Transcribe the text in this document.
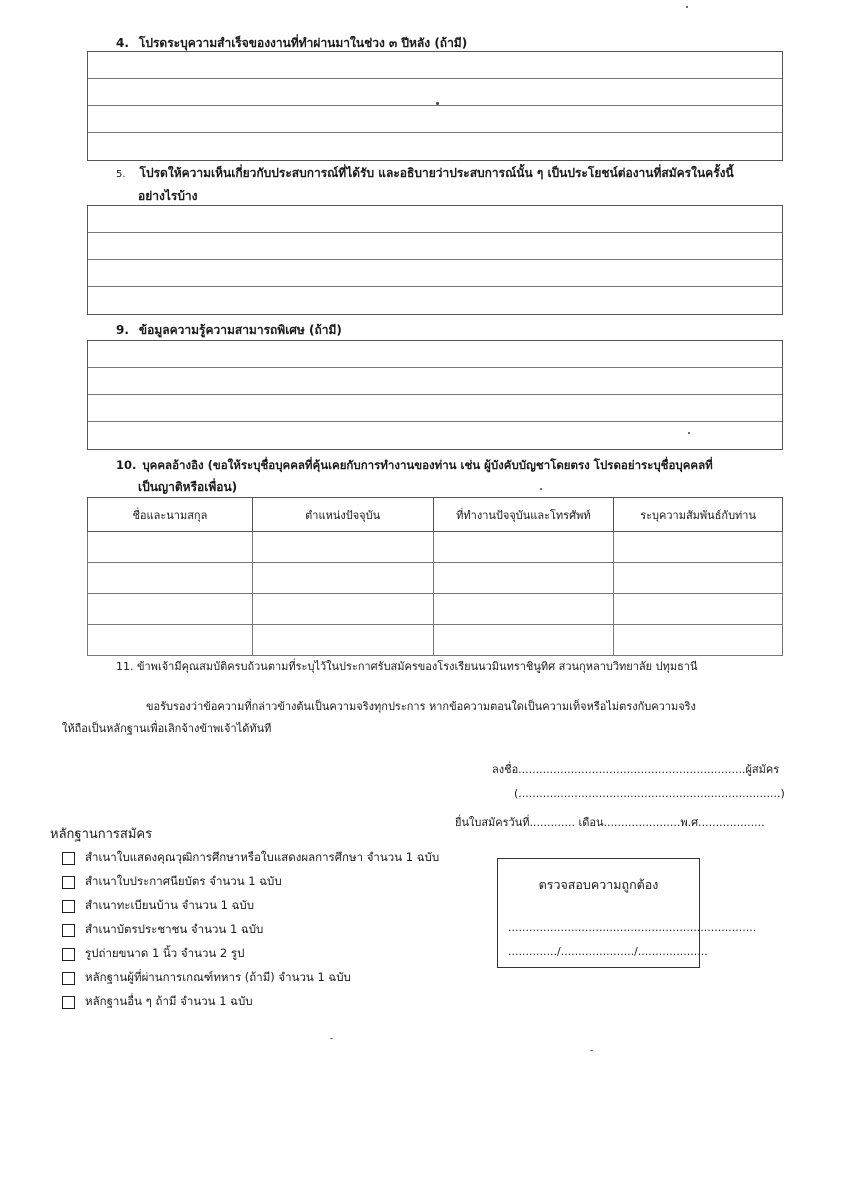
4. โปรดระบุความสำเร็จของงานที่ทำผ่านมาในช่วง ๓ ปีหลัง (ถ้ามี)
5. โปรดให้ความเห็นเกี่ยวกับประสบการณ์ที่ได้รับ และอธิบายว่าประสบการณ์นั้น ๆ เป็นประโยชน์ต่องานที่สมัครในครั้งนี้
อย่างไรบ้าง
9. ข้อมูลความรู้ความสามารถพิเศษ (ถ้ามี)
10. บุคคลอ้างอิง (ขอให้ระบุชื่อบุคคลที่คุ้นเคยกับการทำงานของท่าน เช่น ผู้บังคับบัญชาโดยตรง โปรดอย่าระบุชื่อบุคคลที่
เป็นญาติหรือเพื่อน)
ชื่อและนามสกุล	ตำแหน่งปัจจุบัน	ที่ทำงานปัจจุบันและโทรศัพท์	ระบุความสัมพันธ์กับท่าน

11. ข้าพเจ้ามีคุณสมบัติครบถ้วนตามที่ระบุไว้ในประกาศรับสมัครของโรงเรียนนวมินทราชินูทิศ สวนกุหลาบวิทยาลัย ปทุมธานี
ขอรับรองว่าข้อความที่กล่าวข้างต้นเป็นความจริงทุกประการ หากข้อความตอนใดเป็นความเท็จหรือไม่ตรงกับความจริง
ให้ถือเป็นหลักฐานเพื่อเลิกจ้างข้าพเจ้าได้ทันที
ลงชื่อ.................................................................ผู้สมัคร
(...........................................................................)
ยื่นใบสมัครวันที่............. เดือน......................พ.ศ...................
หลักฐานการสมัคร
สำเนาใบแสดงคุณวุฒิการศึกษาหรือใบแสดงผลการศึกษา จำนวน 1 ฉบับ
สำเนาใบประกาศนียบัตร จำนวน 1 ฉบับ
สำเนาทะเบียนบ้าน จำนวน 1 ฉบับ
สำเนาบัตรประชาชน จำนวน 1 ฉบับ
รูปถ่ายขนาด 1 นิ้ว จำนวน 2 รูป
หลักฐานผู้ที่ผ่านการเกณฑ์ทหาร (ถ้ามี) จำนวน 1 ฉบับ
หลักฐานอื่น ๆ ถ้ามี จำนวน 1 ฉบับ
ตรวจสอบความถูกต้อง
.......................................................................
............../...................../....................
